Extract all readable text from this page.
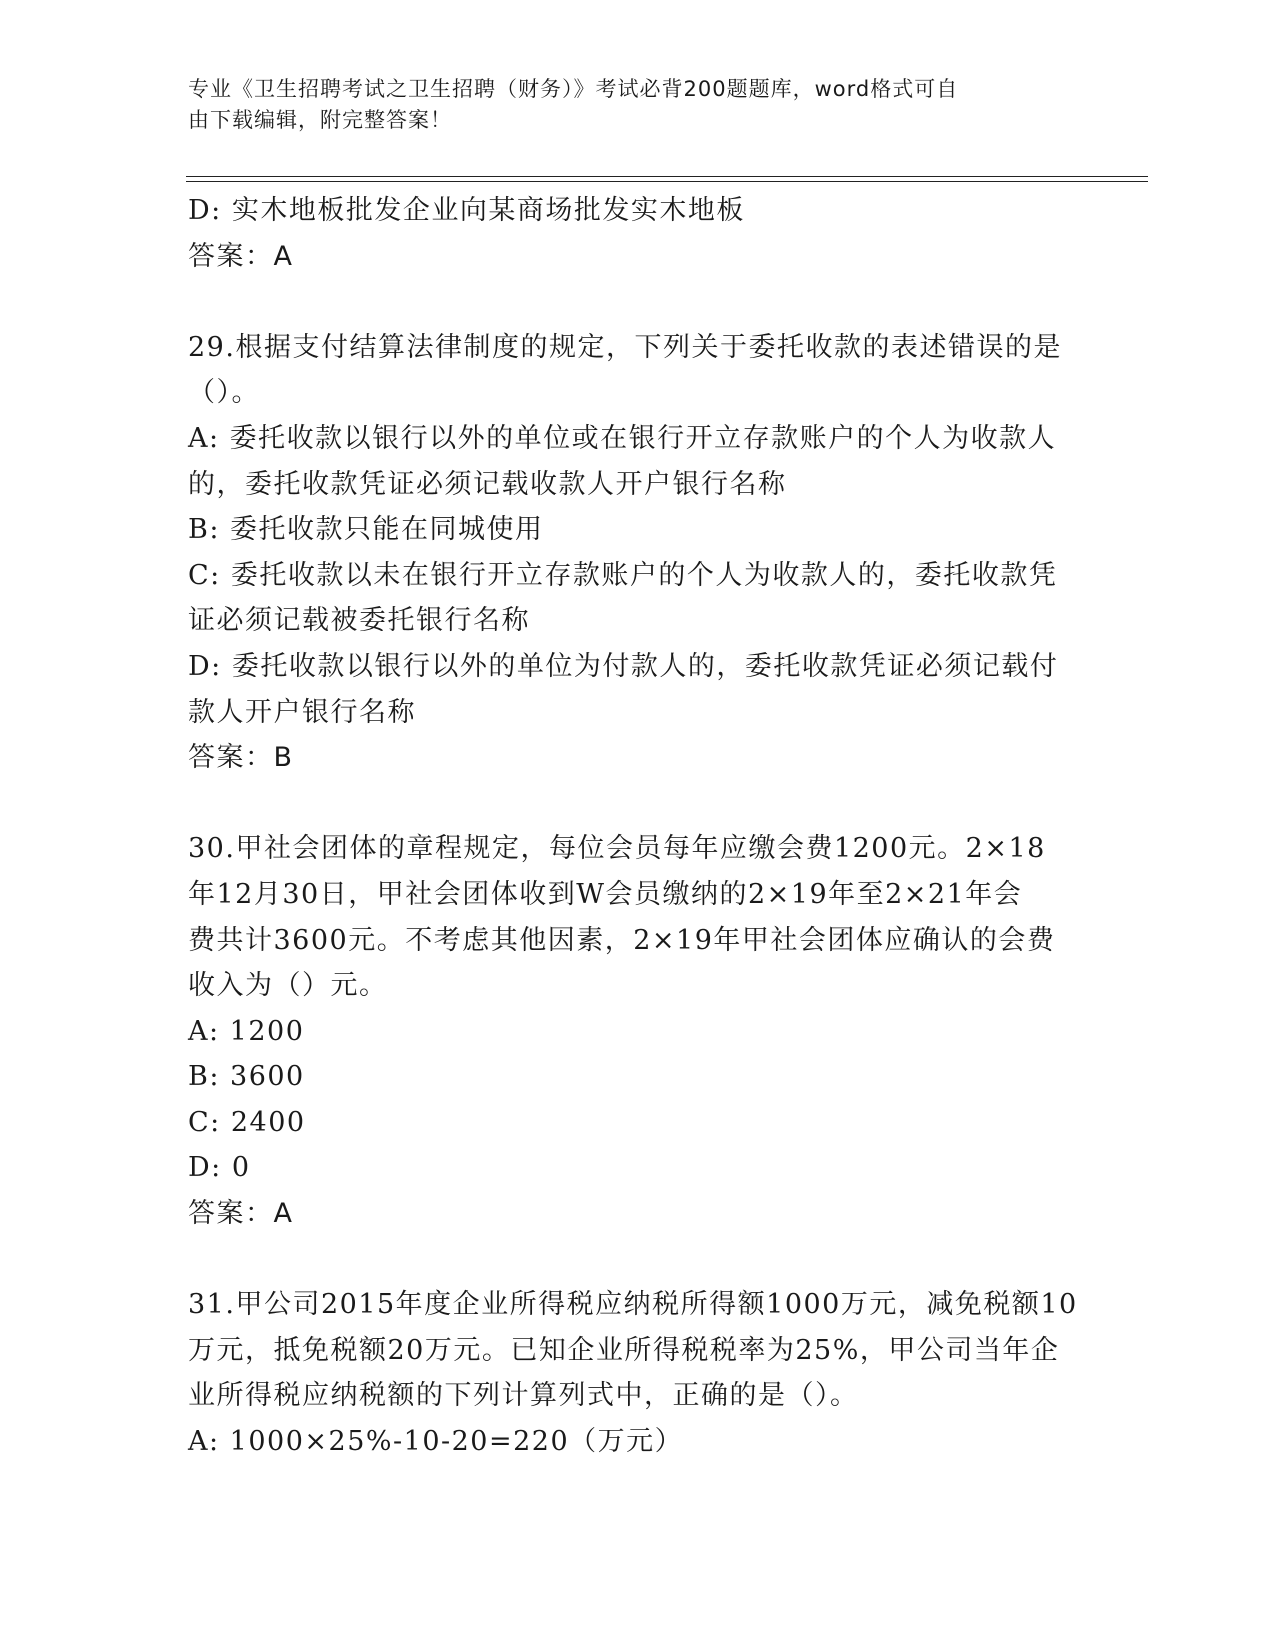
专业《卫生招聘考试之卫生招聘（财务）》考试必背200题题库，word格式可自
由下载编辑，附完整答案！
D: 实木地板批发企业向某商场批发实木地板
答案：A
29.根据支付结算法律制度的规定，下列关于委托收款的表述错误的是
（）。
A: 委托收款以银行以外的单位或在银行开立存款账户的个人为收款人
的，委托收款凭证必须记载收款人开户银行名称
B: 委托收款只能在同城使用
C: 委托收款以未在银行开立存款账户的个人为收款人的，委托收款凭
证必须记载被委托银行名称
D: 委托收款以银行以外的单位为付款人的，委托收款凭证必须记载付
款人开户银行名称
答案：B
30.甲社会团体的章程规定，每位会员每年应缴会费1200元。2×18
年12月30日，甲社会团体收到W会员缴纳的2×19年至2×21年会
费共计3600元。不考虑其他因素，2×19年甲社会团体应确认的会费
收入为（）元。
A: 1200
B: 3600
C: 2400
D: 0
答案：A
31.甲公司2015年度企业所得税应纳税所得额1000万元，减免税额10
万元，抵免税额20万元。已知企业所得税税率为25%，甲公司当年企
业所得税应纳税额的下列计算列式中，正确的是（）。
A: 1000×25%-10-20=220（万元）
